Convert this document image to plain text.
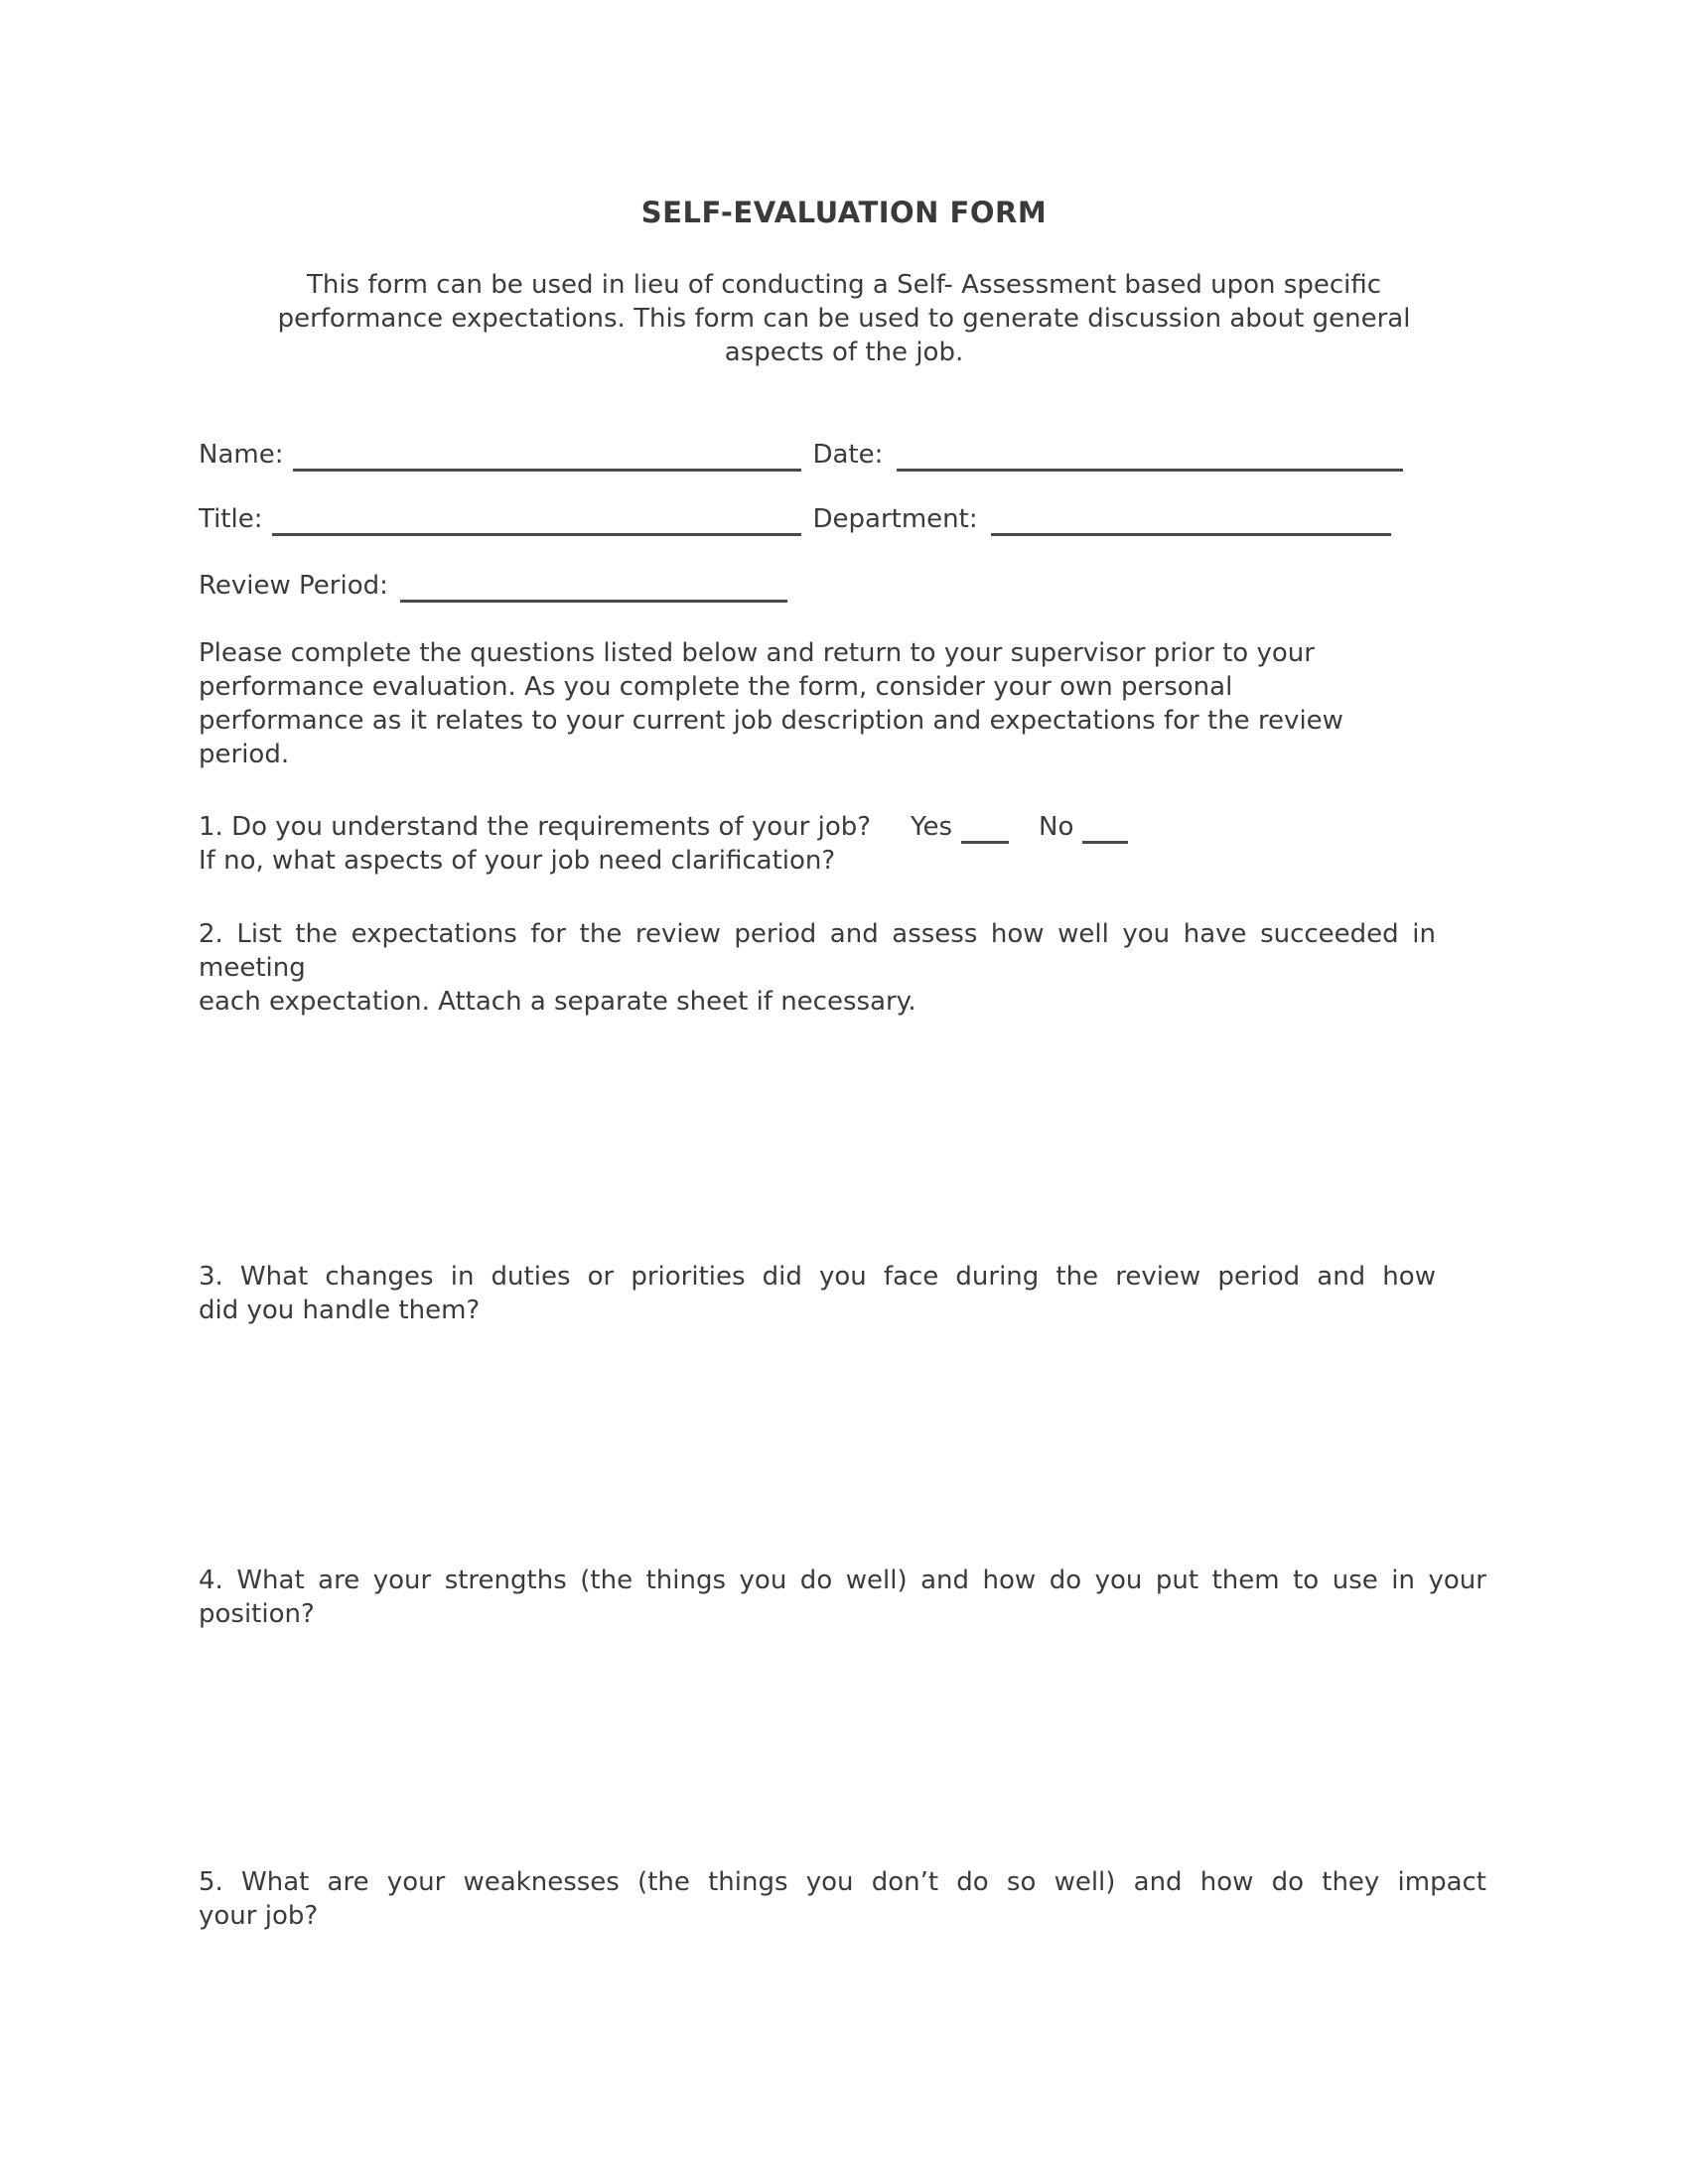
SELF-EVALUATION FORM
This form can be used in lieu of conducting a Self- Assessment based upon specific
performance expectations. This form can be used to generate discussion about general
aspects of the job.
Name:	Date:
Title:	Department:
Review Period:
Please complete the questions listed below and return to your supervisor prior to your
performance evaluation. As you complete the form, consider your own personal
performance as it relates to your current job description and expectations for the review
period.
1. Do you understand the requirements of your job? Yes	No
If no, what aspects of your job need clarification?
2. List the expectations for the review period and assess how well you have succeeded in
meeting
each expectation. Attach a separate sheet if necessary.
3. What changes in duties or priorities did you face during the review period and how
did you handle them?
4. What are your strengths (the things you do well) and how do you put them to use in your
position?
5. What are your weaknesses (the things you don’t do so well) and how do they impact
your job?
